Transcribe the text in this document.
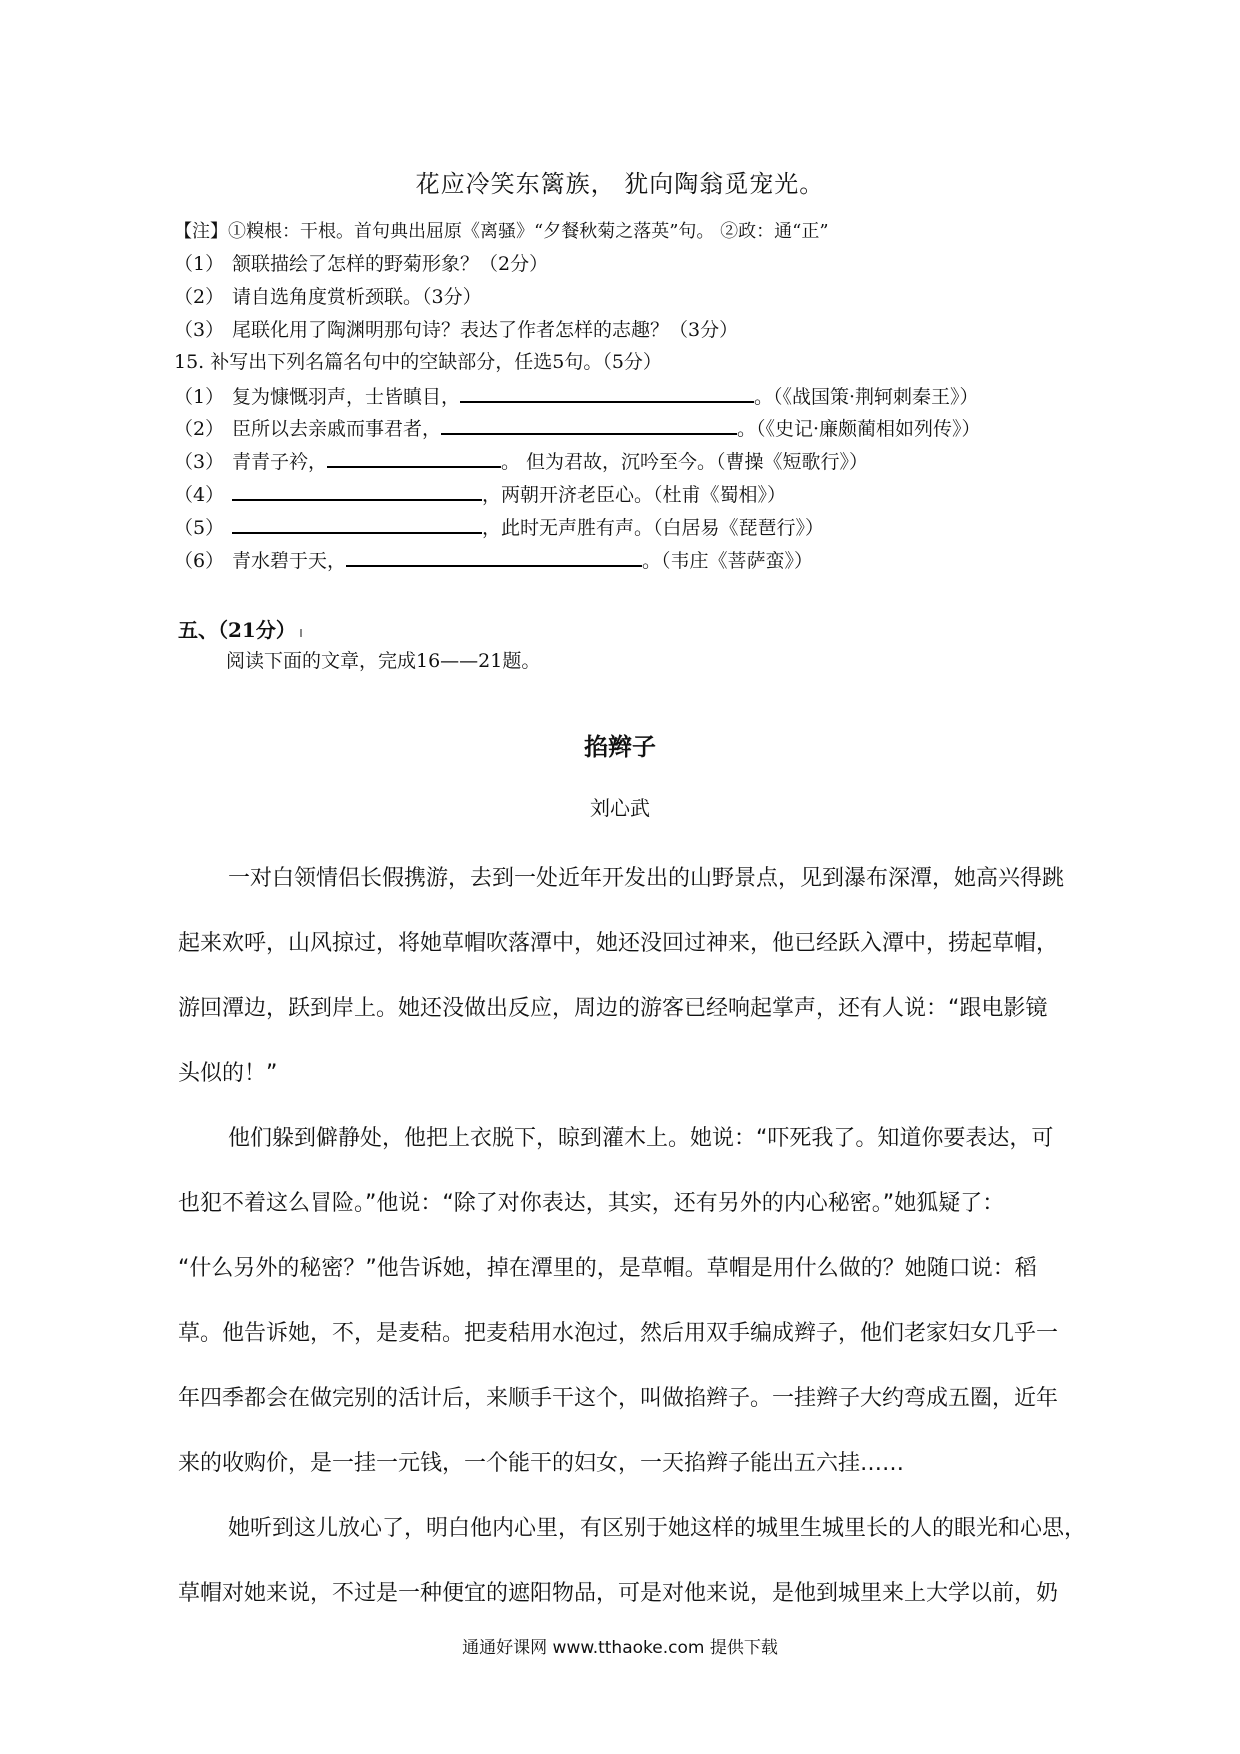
花应冷笑东篱族， 犹向陶翁觅宠光。
【注】①糗根：干根。首句典出屈原《离骚》“夕餐秋菊之落英”句。 ②政：通“正”
（1） 颔联描绘了怎样的野菊形象？（2分）
（2） 请自选角度赏析颈联。（3分）
（3） 尾联化用了陶渊明那句诗？表达了作者怎样的志趣？（3分）
15. 补写出下列名篇名句中的空缺部分，任选5句。（5分）
（1） 复为慷慨羽声，士皆瞋目，	。（《战国策·荆轲刺秦王》）
（2） 臣所以去亲戚而事君者，	。（《史记·廉颇蔺相如列传》）
（3） 青青子衿，	。 但为君故，沉吟至今。（曹操《短歌行》）
（4）	，两朝开济老臣心。（杜甫《蜀相》）
（5）	，此时无声胜有声。（白居易《琵琶行》）
（6） 青水碧于天，	。（韦庄《菩萨蛮》）
五、（21分）
阅读下面的文章，完成16——21题。
掐辫子
刘心武
一对白领情侣长假携游，去到一处近年开发出的山野景点，见到瀑布深潭，她高兴得跳
起来欢呼，山风掠过，将她草帽吹落潭中，她还没回过神来，他已经跃入潭中，捞起草帽，
游回潭边，跃到岸上。她还没做出反应，周边的游客已经响起掌声，还有人说：“跟电影镜
头似的！”
他们躲到僻静处，他把上衣脱下，晾到灌木上。她说：“吓死我了。知道你要表达，可
也犯不着这么冒险。”他说：“除了对你表达，其实，还有另外的内心秘密。”她狐疑了：
“什么另外的秘密？”他告诉她，掉在潭里的，是草帽。草帽是用什么做的？她随口说：稻
草。他告诉她，不，是麦秸。把麦秸用水泡过，然后用双手编成辫子，他们老家妇女几乎一
年四季都会在做完别的活计后，来顺手干这个，叫做掐辫子。一挂辫子大约弯成五圈，近年
来的收购价，是一挂一元钱，一个能干的妇女，一天掐辫子能出五六挂……
她听到这儿放心了，明白他内心里，有区别于她这样的城里生城里长的人的眼光和心思，
草帽对她来说，不过是一种便宜的遮阳物品，可是对他来说，是他到城里来上大学以前，奶
通通好课网 www.tthaoke.com 提供下载
